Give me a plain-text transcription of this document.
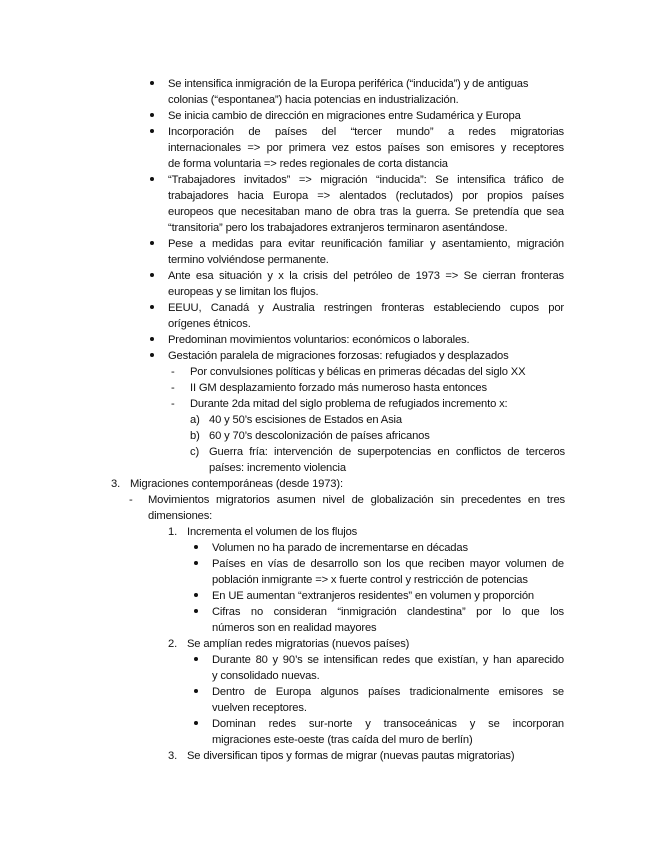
Se intensifica inmigración de la Europa periférica (“inducida”) y de antiguas
colonias (“espontanea”) hacia potencias en industrialización.
Se inicia cambio de dirección en migraciones entre Sudamérica y Europa
Incorporación de países del “tercer mundo” a redes migratorias
internacionales => por primera vez estos países son emisores y receptores
de forma voluntaria => redes regionales de corta distancia
“Trabajadores invitados” => migración “inducida”: Se intensifica tráfico de
trabajadores hacia Europa => alentados (reclutados) por propios países
europeos que necesitaban mano de obra tras la guerra. Se pretendía que sea
“transitoria” pero los trabajadores extranjeros terminaron asentándose.
Pese a medidas para evitar reunificación familiar y asentamiento, migración
termino volviéndose permanente.
Ante esa situación y x la crisis del petróleo de 1973 => Se cierran fronteras
europeas y se limitan los flujos.
EEUU, Canadá y Australia restringen fronteras estableciendo cupos por
orígenes étnicos.
Predominan movimientos voluntarios: económicos o laborales.
Gestación paralela de migraciones forzosas: refugiados y desplazados
-	Por convulsiones políticas y bélicas en primeras décadas del siglo XX
-	II GM desplazamiento forzado más numeroso hasta entonces
-	Durante 2da mitad del siglo problema de refugiados incremento x:
a) 40 y 50’s escisiones de Estados en Asia
b) 60 y 70’s descolonización de países africanos
c) Guerra fría: intervención de superpotencias en conflictos de terceros
países: incremento violencia
3. Migraciones contemporáneas (desde 1973):
-	Movimientos migratorios asumen nivel de globalización sin precedentes en tres
dimensiones:
1. Incrementa el volumen de los flujos
Volumen no ha parado de incrementarse en décadas
Países en vías de desarrollo son los que reciben mayor volumen de
población inmigrante => x fuerte control y restricción de potencias
En UE aumentan “extranjeros residentes” en volumen y proporción
Cifras no consideran “inmigración clandestina” por lo que los
números son en realidad mayores
2. Se amplían redes migratorias (nuevos países)
Durante 80 y 90’s se intensifican redes que existían, y han aparecido
y consolidado nuevas.
Dentro de Europa algunos países tradicionalmente emisores se
vuelven receptores.
Dominan redes sur-norte y transoceánicas y se incorporan
migraciones este-oeste (tras caída del muro de berlín)
3. Se diversifican tipos y formas de migrar (nuevas pautas migratorias)
